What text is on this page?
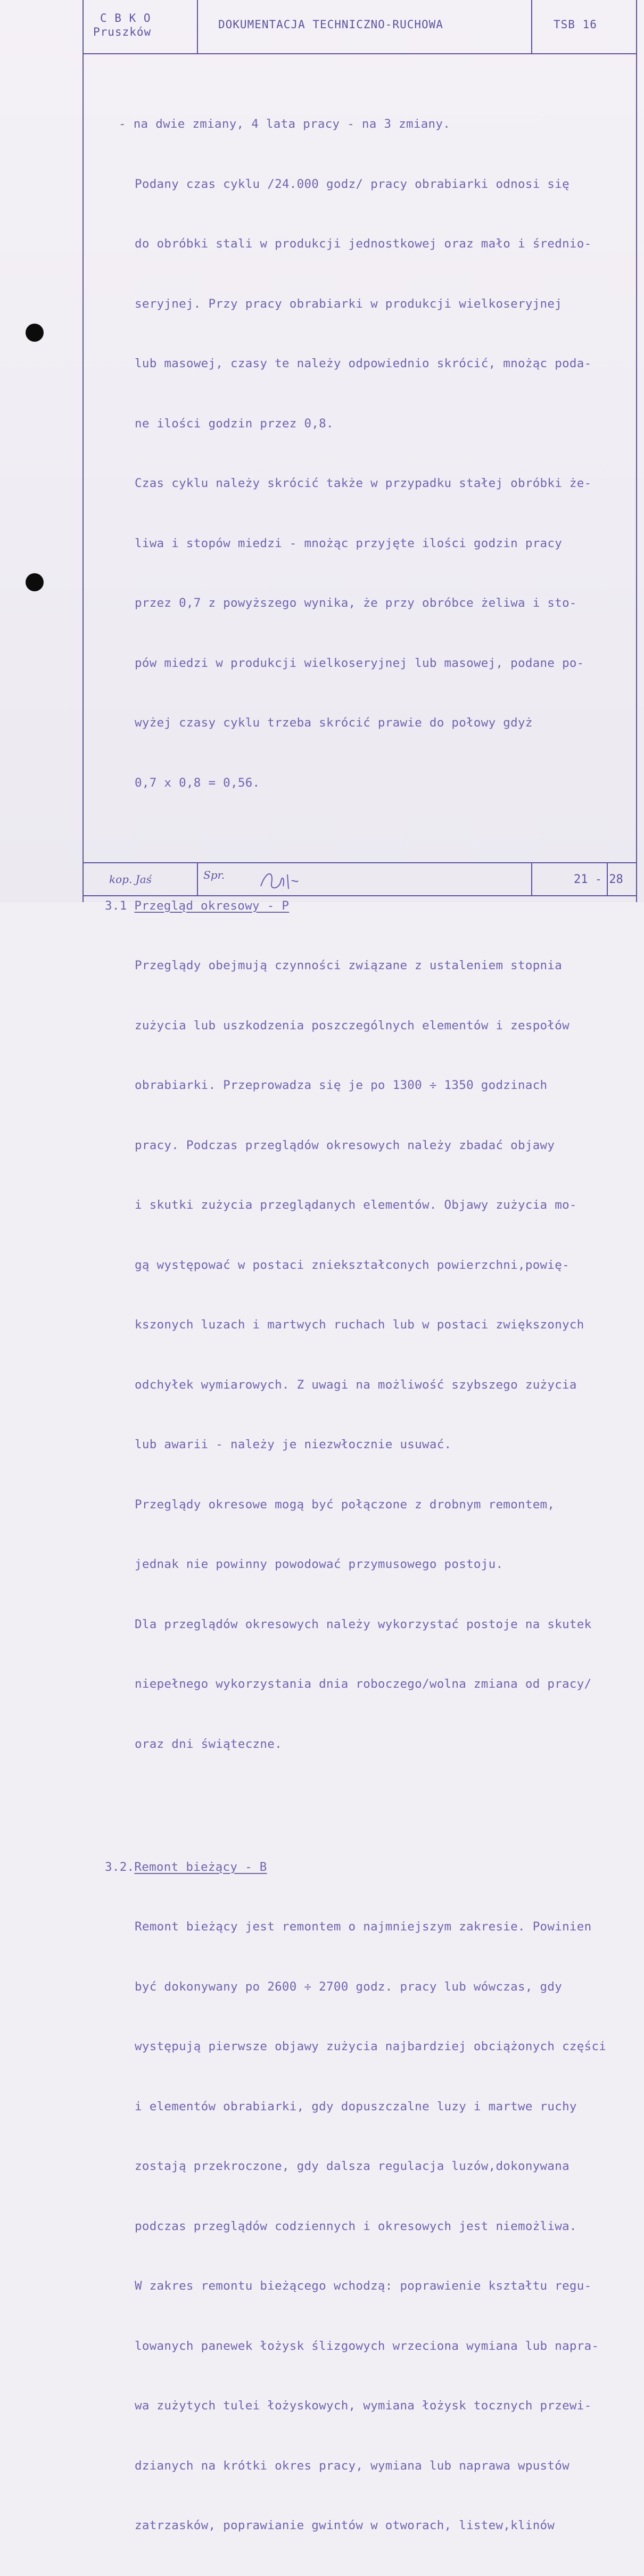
C B K O
Pruszków
DOKUMENTACJA TECHNICZNO-RUCHOWA	TSB 16

- na dwie zmiany, 4 lata pracy - na 3 zmiany.

Podany czas cyklu /24.000 godz/ pracy obrabiarki odnosi się

do obróbki stali w produkcji jednostkowej oraz mało i średnio-

seryjnej. Przy pracy obrabiarki w produkcji wielkoseryjnej

lub masowej, czasy te należy odpowiednio skrócić, mnożąc poda-

ne ilości godzin przez 0,8.

Czas cyklu należy skrócić także w przypadku stałej obróbki że-

liwa i stopów miedzi - mnożąc przyjęte ilości godzin pracy

przez 0,7 z powyższego wynika, że przy obróbce żeliwa i sto-

pów miedzi w produkcji wielkoseryjnej lub masowej, podane po-

wyżej czasy cyklu trzeba skrócić prawie do połowy gdyż

0,7 x 0,8 = 0,56.

3.1 Przegląd okresowy - P

Przeglądy obejmują czynności związane z ustaleniem stopnia

zużycia lub uszkodzenia poszczególnych elementów i zespołów

obrabiarki. Przeprowadza się je po 1300 ÷ 1350 godzinach

pracy. Podczas przeglądów okresowych należy zbadać objawy

i skutki zużycia przeglądanych elementów. Objawy zużycia mo-

gą występować w postaci zniekształconych powierzchni,powię-

kszonych luzach i martwych ruchach lub w postaci zwiększonych

odchyłek wymiarowych. Z uwagi na możliwość szybszego zużycia

lub awarii - należy je niezwłocznie usuwać.

Przeglądy okresowe mogą być połączone z drobnym remontem,

jednak nie powinny powodować przymusowego postoju.

Dla przeglądów okresowych należy wykorzystać postoje na skutek

niepełnego wykorzystania dnia roboczego/wolna zmiana od pracy/

oraz dni świąteczne.

3.2.Remont bieżący - B

Remont bieżący jest remontem o najmniejszym zakresie. Powinien

być dokonywany po 2600 ÷ 2700 godz. pracy lub wówczas, gdy

występują pierwsze objawy zużycia najbardziej obciążonych części

i elementów obrabiarki, gdy dopuszczalne luzy i martwe ruchy

zostają przekroczone, gdy dalsza regulacja luzów,dokonywana

podczas przeglądów codziennych i okresowych jest niemożliwa.

W zakres remontu bieżącego wchodzą: poprawienie kształtu regu-

lowanych panewek łożysk ślizgowych wrzeciona wymiana lub napra-

wa zużytych tulei łożyskowych, wymiana łożysk tocznych przewi-

dzianych na krótki okres pracy, wymiana lub naprawa wpustów

zatrzasków, poprawianie gwintów w otworach, listew,klinów

kop. Jaś	Spr.	21 - 28
